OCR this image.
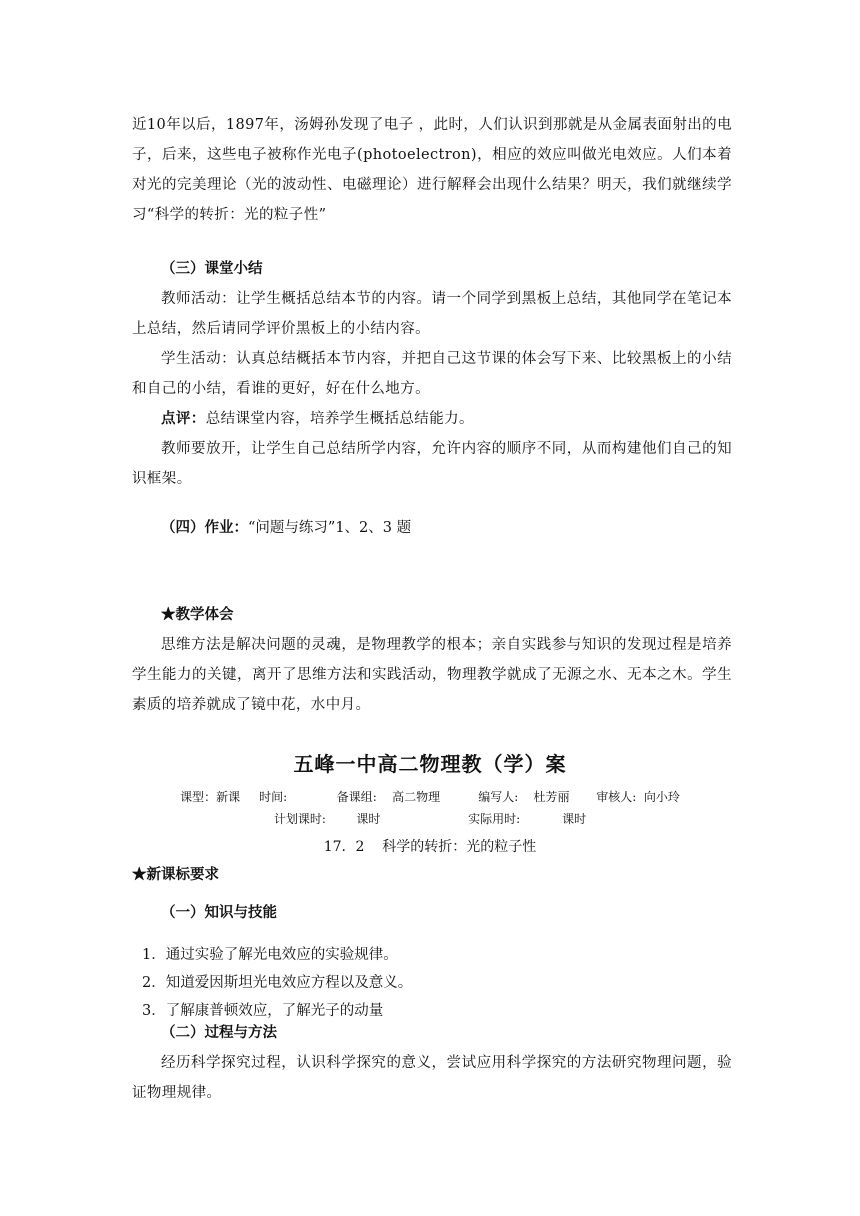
近10年以后，1897年，汤姆孙发现了电子 ，此时，人们认识到那就是从金属表面射出的电子，后来，这些电子被称作光电子(photoelectron)，相应的效应叫做光电效应。人们本着对光的完美理论（光的波动性、电磁理论）进行解释会出现什么结果？明天，我们就继续学习“科学的转折：光的粒子性”

（三）课堂小结

教师活动：让学生概括总结本节的内容。请一个同学到黑板上总结，其他同学在笔记本上总结，然后请同学评价黑板上的小结内容。

学生活动：认真总结概括本节内容，并把自己这节课的体会写下来、比较黑板上的小结和自己的小结，看谁的更好，好在什么地方。

点评：总结课堂内容，培养学生概括总结能力。

教师要放开，让学生自己总结所学内容，允许内容的顺序不同，从而构建他们自己的知识框架。

（四）作业：“问题与练习”1、2、3 题

★教学体会

思维方法是解决问题的灵魂，是物理教学的根本；亲自实践参与知识的发现过程是培养学生能力的关键，离开了思维方法和实践活动，物理教学就成了无源之水、无本之木。学生素质的培养就成了镜中花，水中月。

五峰一中高二物理教（学）案
课型：新课     时间:             备课组:    高二物理          编写人:    杜芳丽       审核人:  向小玲
计划课时:        课时                       实际用时:           课时
17．2    科学的转折：光的粒子性
★新课标要求

（一）知识与技能

1．通过实验了解光电效应的实验规律。
2．知道爱因斯坦光电效应方程以及意义。
3．了解康普顿效应，了解光子的动量

（二）过程与方法

经历科学探究过程，认识科学探究的意义，尝试应用科学探究的方法研究物理问题，验证物理规律。
